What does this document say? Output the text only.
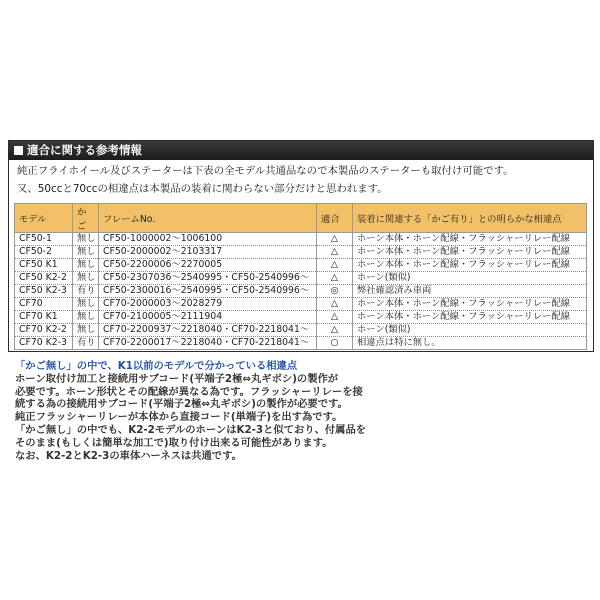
適合に関する参考情報
純正フライホイール及びステーターは下表の全モデル共通品なので本製品のステーターも取付け可能です。
又、50ccと70ccの相違点は本製品の装着に関わらない部分だけと思われます。
モデル	かご	フレームNo.	適合	装着に関連する「かご有り」との明らかな相違点
CF50-1	無し	CF50-1000002～1006100	△	ホーン本体・ホーン配線・フラッシャーリレー配線
CF50-2	無し	CF50-2000002～2103317	△	ホーン本体・ホーン配線・フラッシャーリレー配線
CF50 K1	無し	CF50-2200006～2270005	△	ホーン本体・ホーン配線・フラッシャーリレー配線
CF50 K2-2	無し	CF50-2307036～2540995・CF50-2540996～	△	ホーン(類似)
CF50 K2-3	有り	CF50-2300016～2540995・CF50-2540996～	◎	弊社確認済み車両
CF70	無し	CF70-2000003～2028279	△	ホーン本体・ホーン配線・フラッシャーリレー配線
CF70 K1	無し	CF70-2100005～2111904	△	ホーン本体・ホーン配線・フラッシャーリレー配線
CF70 K2-2	無し	CF70-2200937～2218040・CF70-2218041～	△	ホーン(類似)
CF70 K2-3	有り	CF70-2200017～2218040・CF70-2218041～	○	相違点は特に無し。
「かご無し」の中で、K1以前のモデルで分かっている相違点
ホーン取付け加工と接続用サブコード(平端子2極⇔丸ギボシ)の製作が
必要です。ホーン形状とその配線が異なる為です。フラッシャーリレーを接
続する為の接続用サブコード(平端子2極⇔丸ギボシ)の製作が必要です。
純正フラッシャーリレーが本体から直接コード(単端子)を出す為です。
「かご無し」の中でも、K2-2モデルのホーンはK2-3と似ており、付属品を
そのまま(もしくは簡単な加工で)取り付け出来る可能性があります。
なお、K2-2とK2-3の車体ハーネスは共通です。
